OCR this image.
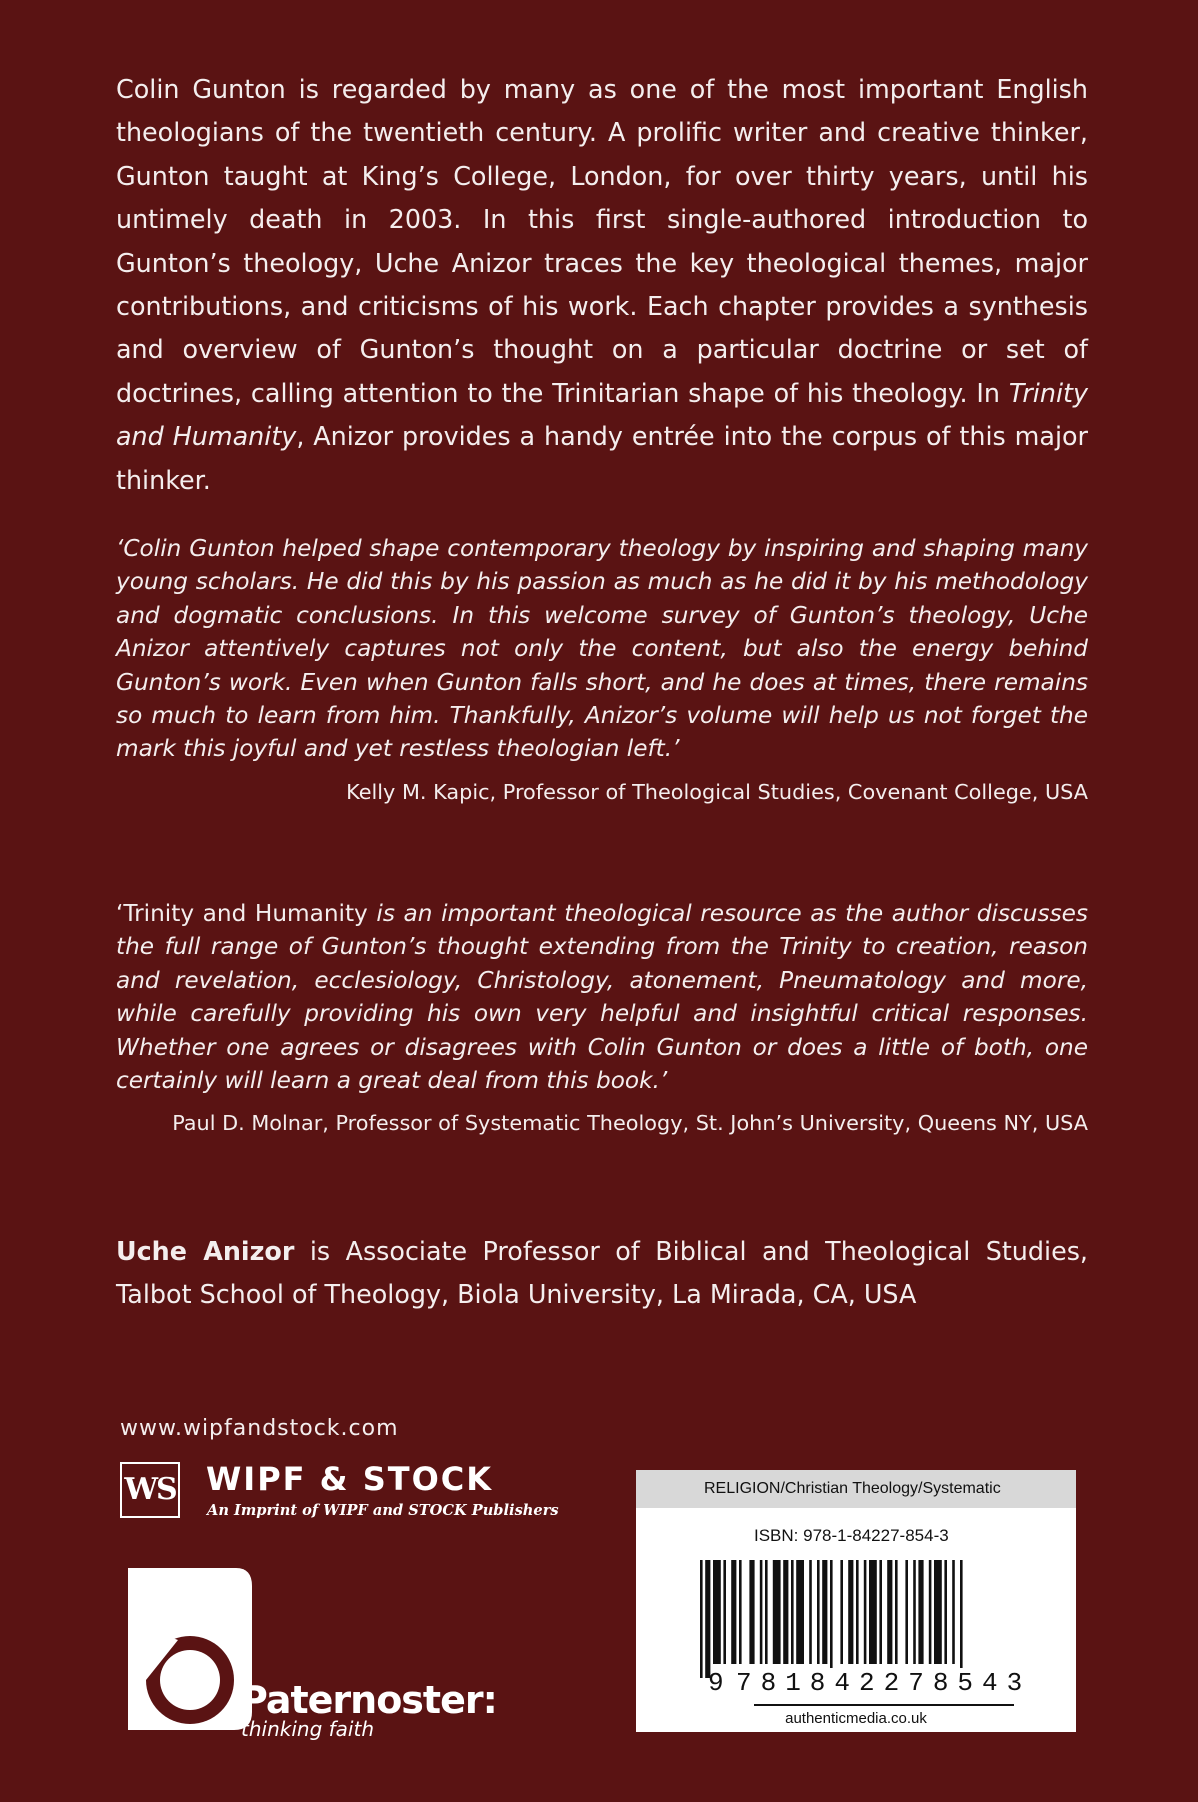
Colin Gunton is regarded by many as one of the most important English theologians of the twentieth century. A prolific writer and creative thinker, Gunton taught at King’s College, London, for over thirty years, until his untimely death in 2003. In this first single-authored introduction to Gunton’s theology, Uche Anizor traces the key theological themes, major contributions, and criticisms of his work. Each chapter provides a synthesis and overview of Gunton’s thought on a particular doctrine or set of doctrines, calling attention to the Trinitarian shape of his theology. In Trinity and Humanity, Anizor provides a handy entrée into the corpus of this major thinker.

‘Colin Gunton helped shape contemporary theology by inspiring and shaping many young scholars. He did this by his passion as much as he did it by his methodology and dogmatic conclusions. In this welcome survey of Gunton’s theology, Uche Anizor attentively captures not only the content, but also the energy behind Gunton’s work. Even when Gunton falls short, and he does at times, there remains so much to learn from him. Thankfully, Anizor’s volume will help us not forget the mark this joyful and yet restless theologian left.’

Kelly M. Kapic, Professor of Theological Studies, Covenant College, USA

‘Trinity and Humanity is an important theological resource as the author discusses the full range of Gunton’s thought extending from the Trinity to creation, reason and revelation, ecclesiology, Christology, atonement, Pneumatology and more, while carefully providing his own very helpful and insightful critical responses. Whether one agrees or disagrees with Colin Gunton or does a little of both, one certainly will learn a great deal from this book.’

Paul D. Molnar, Professor of Systematic Theology, St. John’s University, Queens NY, USA

Uche Anizor is Associate Professor of Biblical and Theological Studies, Talbot School of Theology, Biola University, La Mirada, CA, USA

www.wipfandstock.com
WS WIPF & STOCK
An Imprint of WIPF and STOCK Publishers
Paternoster:
thinking faith
RELIGION/Christian Theology/Systematic
ISBN: 978-1-84227-854-3
9 781842278543
authenticmedia.co.uk
